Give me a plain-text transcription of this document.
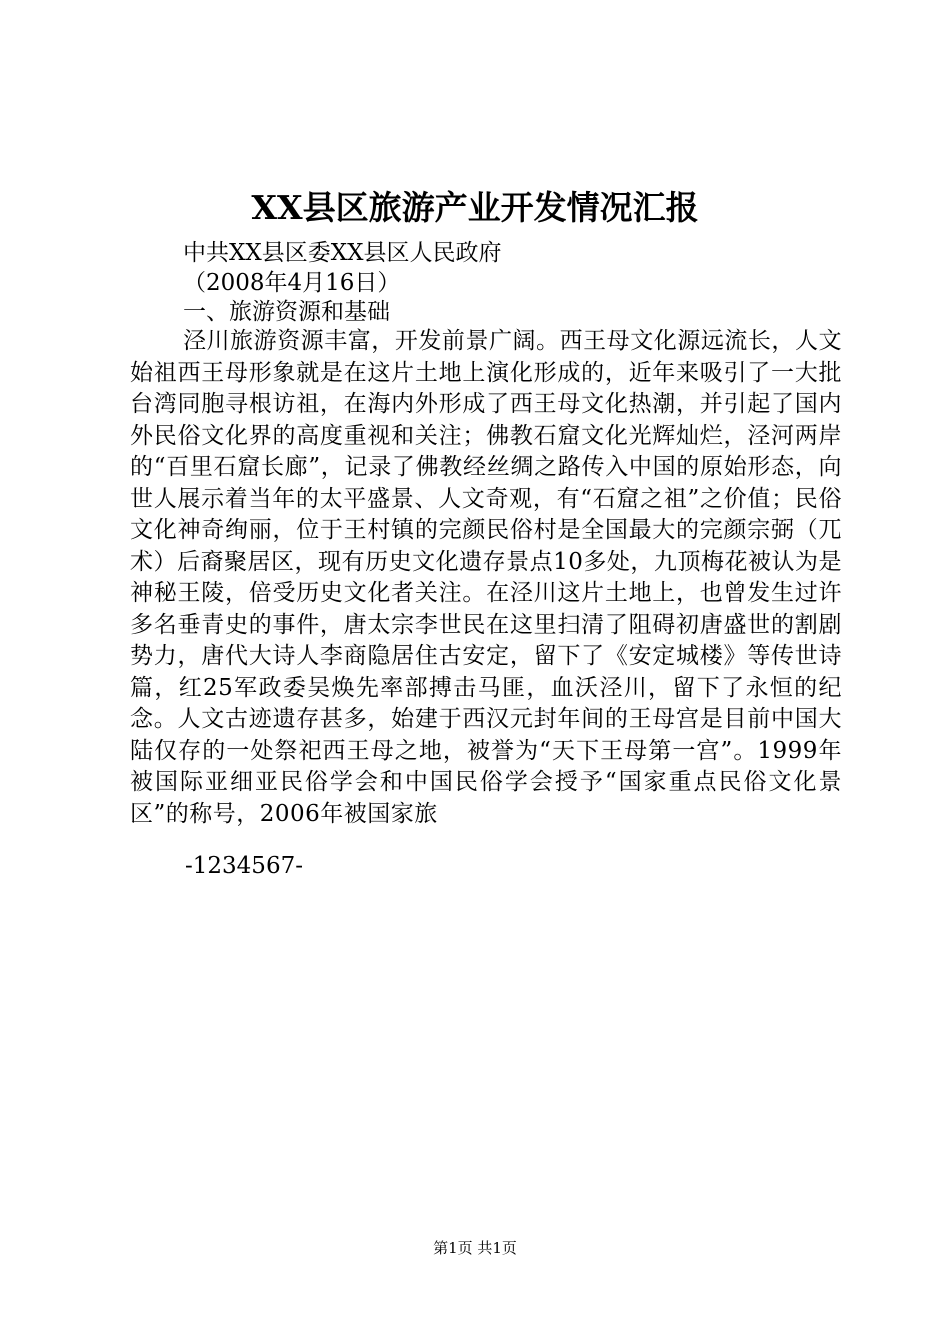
XX县区旅游产业开发情况汇报
中共XX县区委XX县区人民政府
（2008年4月16日）
一、旅游资源和基础
泾川旅游资源丰富，开发前景广阔。西王母文化源远流长，人文始祖西王母形象就是在这片土地上演化形成的，近年来吸引了一大批台湾同胞寻根访祖，在海内外形成了西王母文化热潮，并引起了国内外民俗文化界的高度重视和关注；佛教石窟文化光辉灿烂，泾河两岸的“百里石窟长廊”，记录了佛教经丝绸之路传入中国的原始形态，向世人展示着当年的太平盛景、人文奇观，有“石窟之祖”之价值；民俗文化神奇绚丽，位于王村镇的完颜民俗村是全国最大的完颜宗弼（兀术）后裔聚居区，现有历史文化遗存景点10多处，九顶梅花被认为是神秘王陵，倍受历史文化者关注。在泾川这片土地上，也曾发生过许多名垂青史的事件，唐太宗李世民在这里扫清了阻碍初唐盛世的割剧势力，唐代大诗人李商隐居住古安定，留下了《安定城楼》等传世诗篇，红25军政委吴焕先率部搏击马匪，血沃泾川，留下了永恒的纪念。人文古迹遗存甚多，始建于西汉元封年间的王母宫是目前中国大陆仅存的一处祭祀西王母之地，被誉为“天下王母第一宫”。1999年被国际亚细亚民俗学会和中国民俗学会授予“国家重点民俗文化景区”的称号，2006年被国家旅
-1234567-
第1页 共1页
